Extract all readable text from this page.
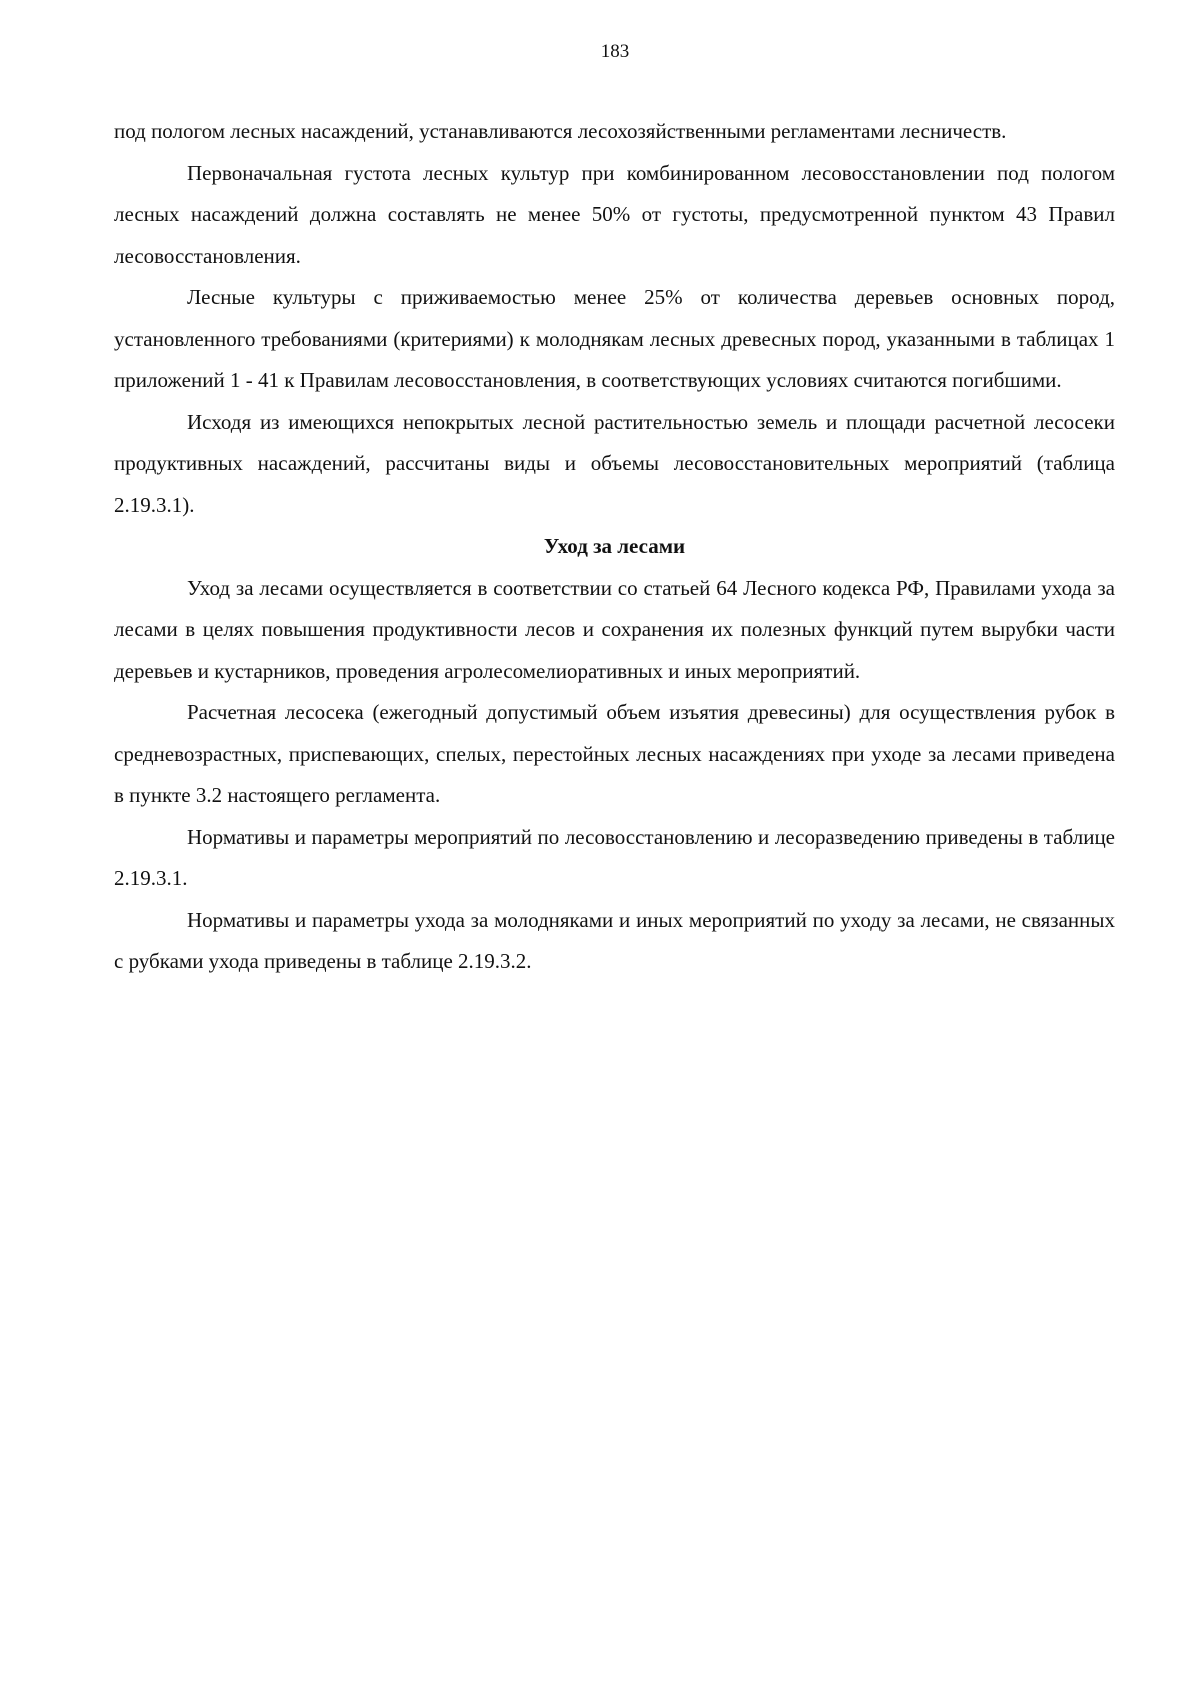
183

под пологом лесных насаждений, устанавливаются лесохозяйственными регламентами лесничеств.

Первоначальная густота лесных культур при комбинированном лесовосстановлении под пологом лесных насаждений должна составлять не менее 50% от густоты, предусмотренной пунктом 43 Правил лесовосстановления.

Лесные культуры с приживаемостью менее 25% от количества деревьев основных пород, установленного требованиями (критериями) к молоднякам лесных древесных пород, указанными в таблицах 1 приложений 1 - 41 к Правилам лесовосстановления, в соответствующих условиях считаются погибшими.

Исходя из имеющихся непокрытых лесной растительностью земель и площади расчетной лесосеки продуктивных насаждений, рассчитаны виды и объемы лесовосстановительных мероприятий (таблица 2.19.3.1).

Уход за лесами

Уход за лесами осуществляется в соответствии со статьей 64 Лесного кодекса РФ, Правилами ухода за лесами в целях повышения продуктивности лесов и сохранения их полезных функций путем вырубки части деревьев и кустарников, проведения агролесомелиоративных и иных мероприятий.

Расчетная лесосека (ежегодный допустимый объем изъятия древесины) для осуществления рубок в средневозрастных, приспевающих, спелых, перестойных лесных насаждениях при уходе за лесами приведена в пункте 3.2 настоящего регламента.

Нормативы и параметры мероприятий по лесовосстановлению и лесоразведению приведены в таблице 2.19.3.1.

Нормативы и параметры ухода за молодняками и иных мероприятий по уходу за лесами, не связанных с рубками ухода приведены в таблице 2.19.3.2.
